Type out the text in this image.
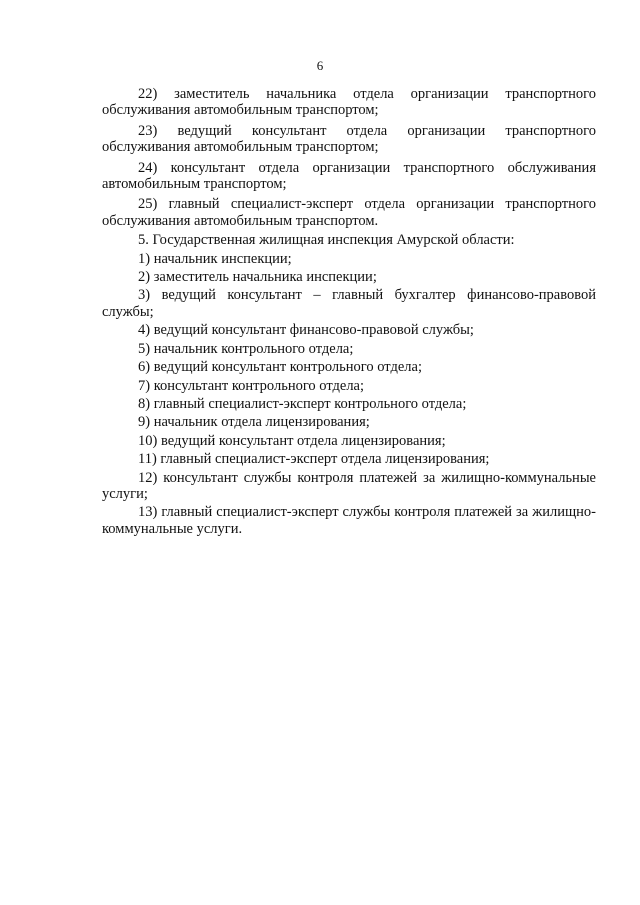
6

22) заместитель начальника отдела организации транспортного обслуживания автомобильным транспортом;

23) ведущий консультант отдела организации транспортного обслуживания автомобильным транспортом;

24) консультант отдела организации транспортного обслуживания автомобильным транспортом;

25) главный специалист-эксперт отдела организации транспортного обслуживания автомобильным транспортом.

5. Государственная жилищная инспекция Амурской области:

1) начальник инспекции;

2) заместитель начальника инспекции;

3) ведущий консультант – главный бухгалтер финансово-правовой службы;

4) ведущий консультант финансово-правовой службы;

5) начальник контрольного отдела;

6) ведущий консультант контрольного отдела;

7) консультант контрольного отдела;

8) главный специалист-эксперт контрольного отдела;

9) начальник отдела лицензирования;

10) ведущий консультант отдела лицензирования;

11) главный специалист-эксперт отдела лицензирования;

12) консультант службы контроля платежей за жилищно-коммунальные услуги;

13) главный специалист-эксперт службы контроля платежей за жилищно-коммунальные услуги.
